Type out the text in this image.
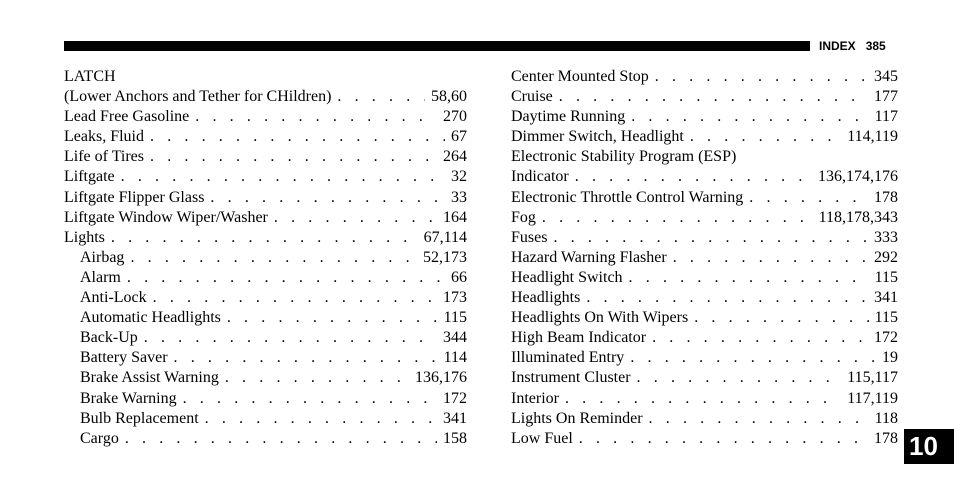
INDEX 385
LATCH
(Lower Anchors and Tether for CHildren) . . .	58,60
Lead Free Gasoline . . .	270
Leaks, Fluid . . .	67
Life of Tires . . .	264
Liftgate . . .	32
Liftgate Flipper Glass . . .	33
Liftgate Window Wiper/Washer . . .	164
Lights . . .	67,114
Airbag . . .	52,173
Alarm . . .	66
Anti-Lock . . .	173
Automatic Headlights . . .	115
Back-Up . . .	344
Battery Saver . . .	114
Brake Assist Warning . . .	136,176
Brake Warning . . .	172
Bulb Replacement . . .	341
Cargo . . .	158
Center Mounted Stop . . .	345
Cruise . . .	177
Daytime Running . . .	117
Dimmer Switch, Headlight . . .	114,119
Electronic Stability Program (ESP)
Indicator . . .	136,174,176
Electronic Throttle Control Warning . . .	178
Fog . . .	118,178,343
Fuses . . .	333
Hazard Warning Flasher . . .	292
Headlight Switch . . .	115
Headlights . . .	341
Headlights On With Wipers . . .	115
High Beam Indicator . . .	172
Illuminated Entry . . .	19
Instrument Cluster . . .	115,117
Interior . . .	117,119
Lights On Reminder . . .	118
Low Fuel . . .	178 10
